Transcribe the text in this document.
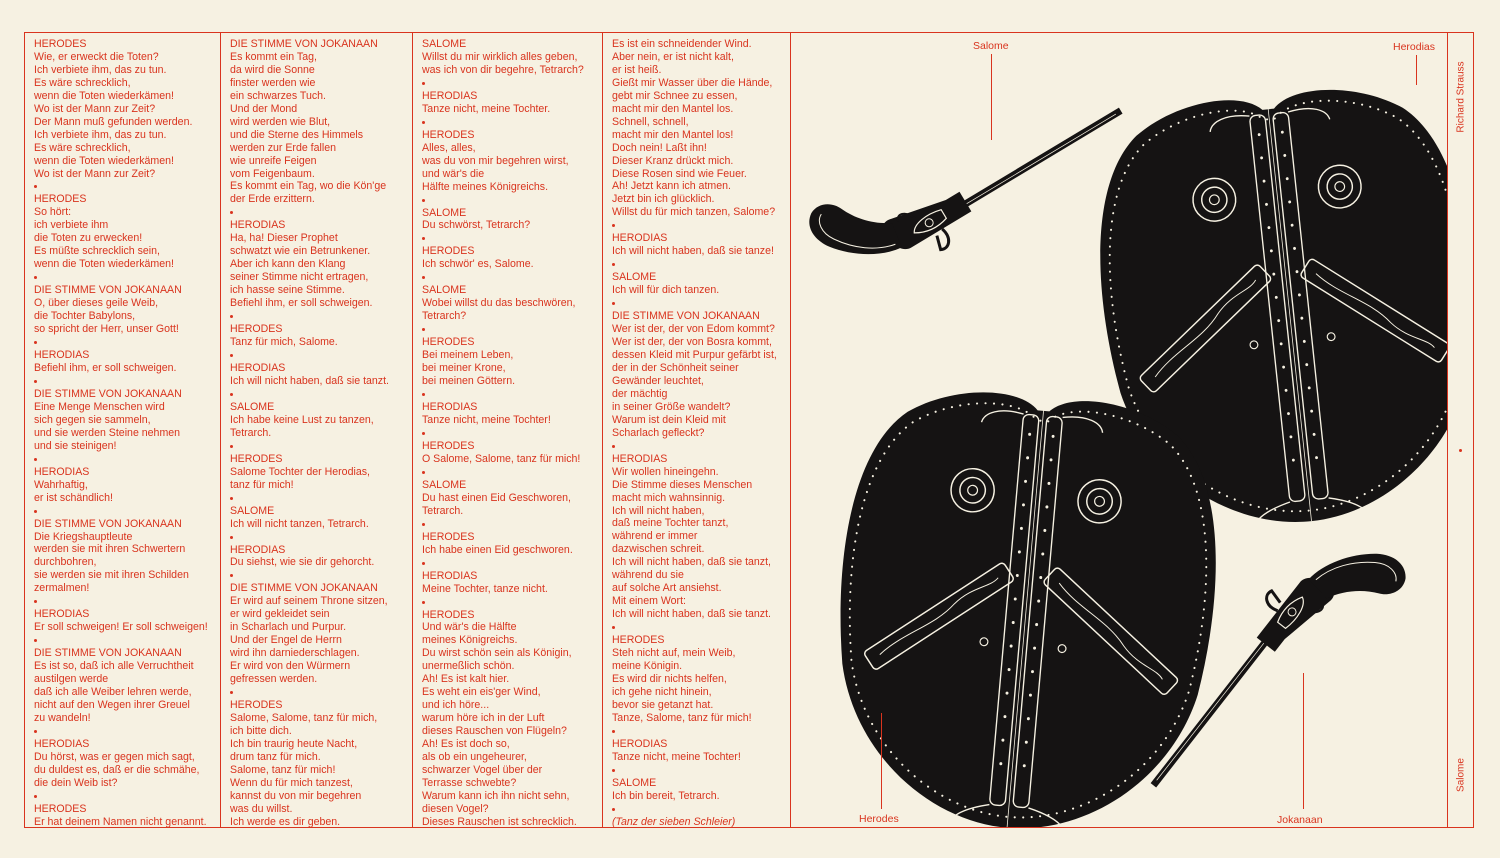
HERODES
Wie, er erweckt die Toten?
Ich verbiete ihm, das zu tun.
Es wäre schrecklich,
wenn die Toten wiederkämen!
Wo ist der Mann zur Zeit?
Der Mann muß gefunden werden.
Ich verbiete ihm, das zu tun.
Es wäre schrecklich,
wenn die Toten wiederkämen!
Wo ist der Mann zur Zeit?
HERODES
So hört:
ich verbiete ihm
die Toten zu erwecken!
Es müßte schrecklich sein,
wenn die Toten wiederkämen!
DIE STIMME VON JOKANAAN
O, über dieses geile Weib,
die Tochter Babylons,
so spricht der Herr, unser Gott!
HERODIAS
Befiehl ihm, er soll schweigen.
DIE STIMME VON JOKANAAN
Eine Menge Menschen wird
sich gegen sie sammeln,
und sie werden Steine nehmen
und sie steinigen!
HERODIAS
Wahrhaftig,
er ist schändlich!
DIE STIMME VON JOKANAAN
Die Kriegshauptleute
werden sie mit ihren Schwertern
durchbohren,
sie werden sie mit ihren Schilden
zermalmen!
HERODIAS
Er soll schweigen! Er soll schweigen!
DIE STIMME VON JOKANAAN
Es ist so, daß ich alle Verruchtheit
austilgen werde
daß ich alle Weiber lehren werde,
nicht auf den Wegen ihrer Greuel
zu wandeln!
HERODIAS
Du hörst, was er gegen mich sagt,
du duldest es, daß er die schmähe,
die dein Weib ist?
HERODES
Er hat deinem Namen nicht genannt.
DIE STIMME VON JOKANAAN
Es kommt ein Tag,
da wird die Sonne
finster werden wie
ein schwarzes Tuch.
Und der Mond
wird werden wie Blut,
und die Sterne des Himmels
werden zur Erde fallen
wie unreife Feigen
vom Feigenbaum.
Es kommt ein Tag, wo die Kön'ge
der Erde erzittern.
HERODIAS
Ha, ha! Dieser Prophet
schwatzt wie ein Betrunkener.
Aber ich kann den Klang
seiner Stimme nicht ertragen,
ich hasse seine Stimme.
Befiehl ihm, er soll schweigen.
HERODES
Tanz für mich, Salome.
HERODIAS
Ich will nicht haben, daß sie tanzt.
SALOME
Ich habe keine Lust zu tanzen,
Tetrarch.
HERODES
Salome Tochter der Herodias,
tanz für mich!
SALOME
Ich will nicht tanzen, Tetrarch.
HERODIAS
Du siehst, wie sie dir gehorcht.
DIE STIMME VON JOKANAAN
Er wird auf seinem Throne sitzen,
er wird gekleidet sein
in Scharlach und Purpur.
Und der Engel de Herrn
wird ihn darniederschlagen.
Er wird von den Würmern
gefressen werden.
HERODES
Salome, Salome, tanz für mich,
ich bitte dich.
Ich bin traurig heute Nacht,
drum tanz für mich.
Salome, tanz für mich!
Wenn du für mich tanzest,
kannst du von mir begehren
was du willst.
Ich werde es dir geben.
SALOME
Willst du mir wirklich alles geben,
was ich von dir begehre, Tetrarch?
HERODIAS
Tanze nicht, meine Tochter.
HERODES
Alles, alles,
was du von mir begehren wirst,
und wär's die
Hälfte meines Königreichs.
SALOME
Du schwörst, Tetrarch?
HERODES
Ich schwör' es, Salome.
SALOME
Wobei willst du das beschwören,
Tetrarch?
HERODES
Bei meinem Leben,
bei meiner Krone,
bei meinen Göttern.
HERODIAS
Tanze nicht, meine Tochter!
HERODES
O Salome, Salome, tanz für mich!
SALOME
Du hast einen Eid Geschworen,
Tetrarch.
HERODES
Ich habe einen Eid geschworen.
HERODIAS
Meine Tochter, tanze nicht.
HERODES
Und wär's die Hälfte
meines Königreichs.
Du wirst schön sein als Königin,
unermeßlich schön.
Ah! Es ist kalt hier.
Es weht ein eis'ger Wind,
und ich höre...
warum höre ich in der Luft
dieses Rauschen von Flügeln?
Ah! Es ist doch so,
als ob ein ungeheurer,
schwarzer Vogel über der
Terrasse schwebte?
Warum kann ich ihn nicht sehn,
diesen Vogel?
Dieses Rauschen ist schrecklich.
Es ist ein schneidender Wind.
Aber nein, er ist nicht kalt,
er ist heiß.
Gießt mir Wasser über die Hände,
gebt mir Schnee zu essen,
macht mir den Mantel los.
Schnell, schnell,
macht mir den Mantel los!
Doch nein! Laßt ihn!
Dieser Kranz drückt mich.
Diese Rosen sind wie Feuer.
Ah! Jetzt kann ich atmen.
Jetzt bin ich glücklich.
Willst du für mich tanzen, Salome?
HERODIAS
Ich will nicht haben, daß sie tanze!
SALOME
Ich will für dich tanzen.
DIE STIMME VON JOKANAAN
Wer ist der, der von Edom kommt?
Wer ist der, der von Bosra kommt,
dessen Kleid mit Purpur gefärbt ist,
der in der Schönheit seiner
Gewänder leuchtet,
der mächtig
in seiner Größe wandelt?
Warum ist dein Kleid mit
Scharlach gefleckt?
HERODIAS
Wir wollen hineingehn.
Die Stimme dieses Menschen
macht mich wahnsinnig.
Ich will nicht haben,
daß meine Tochter tanzt,
während er immer
dazwischen schreit.
Ich will nicht haben, daß sie tanzt,
während du sie
auf solche Art ansiehst.
Mit einem Wort:
Ich will nicht haben, daß sie tanzt.
HERODES
Steh nicht auf, mein Weib,
meine Königin.
Es wird dir nichts helfen,
ich gehe nicht hinein,
bevor sie getanzt hat.
Tanze, Salome, tanz für mich!
HERODIAS
Tanze nicht, meine Tochter!
SALOME
Ich bin bereit, Tetrarch.
(Tanz der sieben Schleier)
Salome	Herodias
Herodes	Jokanaan
Richard Strauss
Salome
